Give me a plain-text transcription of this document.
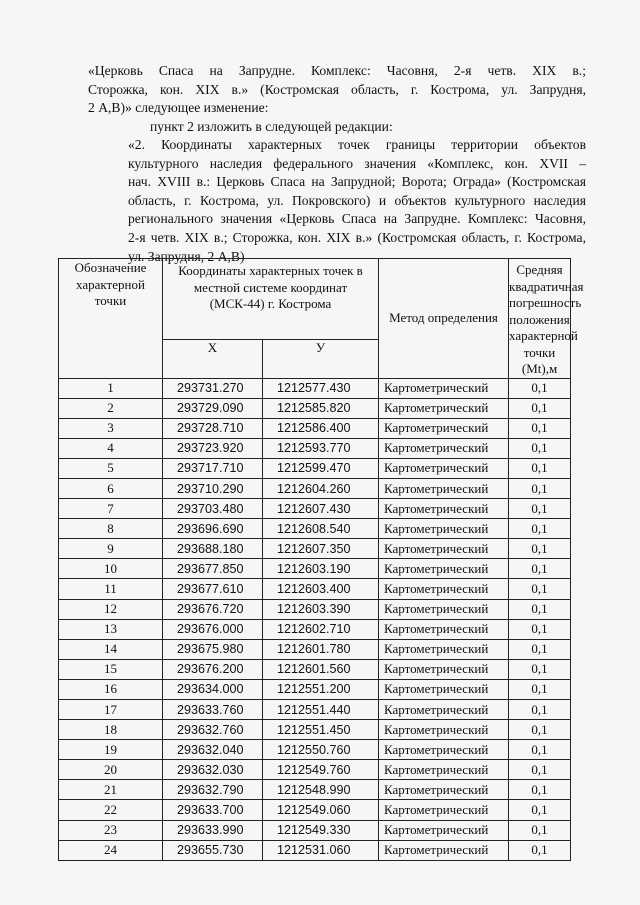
«Церковь Спаса на Запрудне. Комплекс: Часовня, 2-я четв. XIX в.;
Сторожка, кон. XIX в.» (Костромская область, г. Кострома, ул. Запрудня,
2 А,В)» следующее изменение:
пункт 2 изложить в следующей редакции:
«2. Координаты характерных точек границы территории объектов
культурного наследия федерального значения «Комплекс, кон. XVII –
нач. XVIII в.: Церковь Спаса на Запрудной; Ворота; Ограда» (Костромская
область, г. Кострома, ул. Покровского) и объектов культурного наследия
регионального значения «Церковь Спаса на Запрудне. Комплекс: Часовня,
2-я четв. XIX в.; Сторожка, кон. XIX в.» (Костромская область, г. Кострома,
ул. Запрудня, 2 А,В)
Обозначение характерной точки	Координаты характерных точек в местной системе координат (МСК-44) г. Кострома		Метод определения	Средняя квадратичная погрешность положения характерной точки (Mt),м
	Х	У		
1	293731.270	1212577.430	Картометрический	0,1
2	293729.090	1212585.820	Картометрический	0,1
3	293728.710	1212586.400	Картометрический	0,1
4	293723.920	1212593.770	Картометрический	0,1
5	293717.710	1212599.470	Картометрический	0,1
6	293710.290	1212604.260	Картометрический	0,1
7	293703.480	1212607.430	Картометрический	0,1
8	293696.690	1212608.540	Картометрический	0,1
9	293688.180	1212607.350	Картометрический	0,1
10	293677.850	1212603.190	Картометрический	0,1
11	293677.610	1212603.400	Картометрический	0,1
12	293676.720	1212603.390	Картометрический	0,1
13	293676.000	1212602.710	Картометрический	0,1
14	293675.980	1212601.780	Картометрический	0,1
15	293676.200	1212601.560	Картометрический	0,1
16	293634.000	1212551.200	Картометрический	0,1
17	293633.760	1212551.440	Картометрический	0,1
18	293632.760	1212551.450	Картометрический	0,1
19	293632.040	1212550.760	Картометрический	0,1
20	293632.030	1212549.760	Картометрический	0,1
21	293632.790	1212548.990	Картометрический	0,1
22	293633.700	1212549.060	Картометрический	0,1
23	293633.990	1212549.330	Картометрический	0,1
24	293655.730	1212531.060	Картометрический	0,1
